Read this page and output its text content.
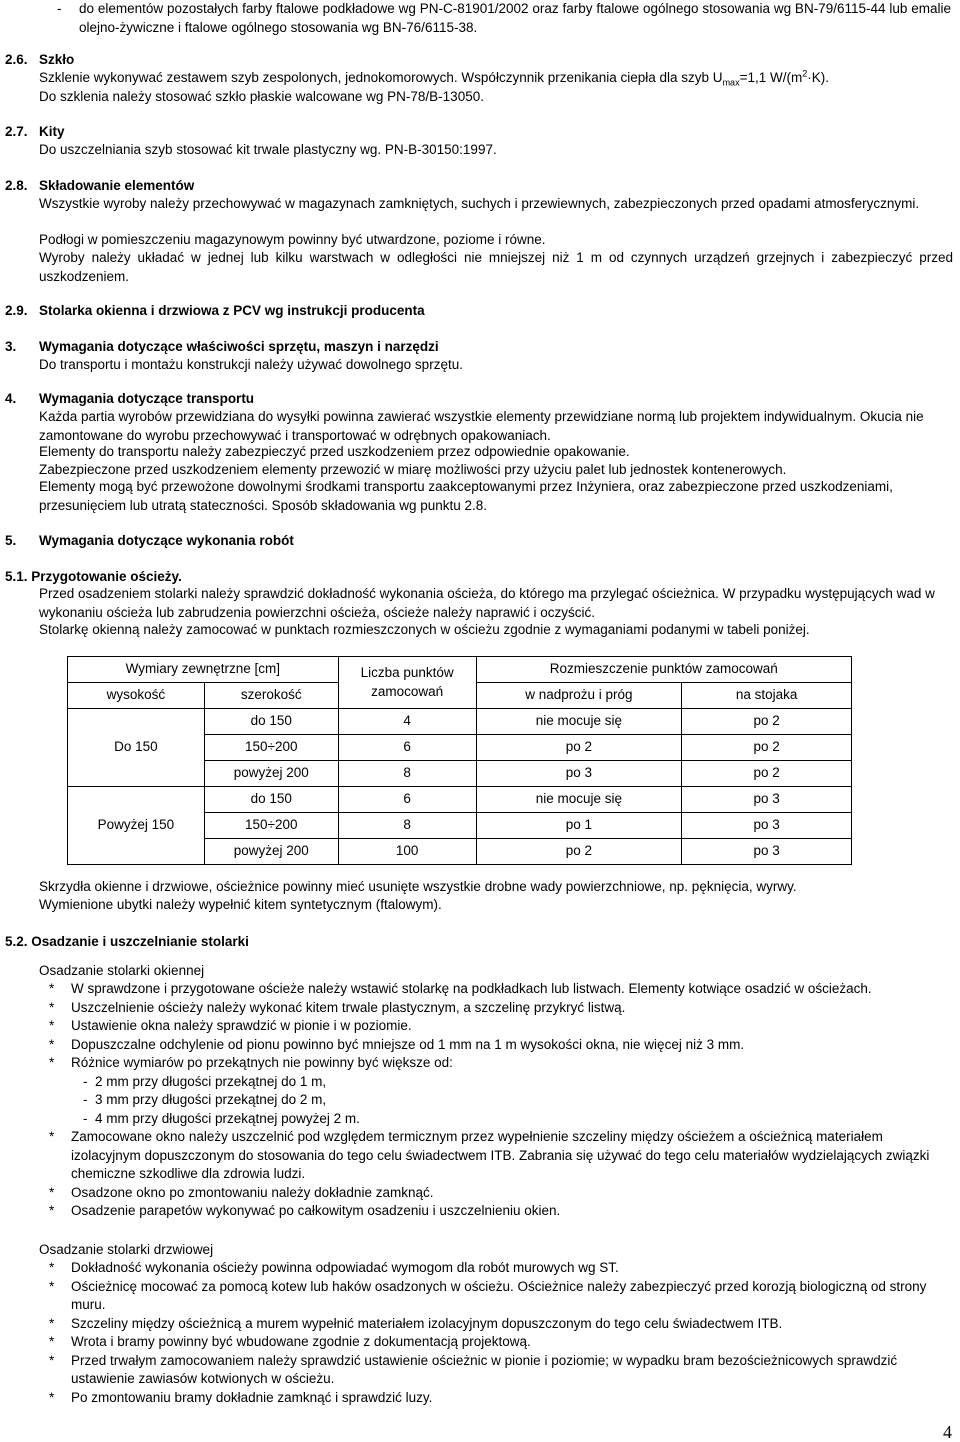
- do elementów pozostałych farby ftalowe podkładowe wg PN-C-81901/2002 oraz farby ftalowe ogólnego stosowania wg BN-79/6115-44 lub emalie olejno-żywiczne i ftalowe ogólnego stosowania wg BN-76/6115-38.
2.6. Szkło
Szklenie wykonywać zestawem szyb zespolonych, jednokomorowych. Współczynnik przenikania ciepła dla szyb $U_{max}=1,1$ $W/(m^2\cdot K)$.
Do szklenia należy stosować szkło płaskie walcowane wg PN-78/B-13050.
2.7. Kity
Do uszczelniania szyb stosować kit trwale plastyczny wg. PN-B-30150:1997.
2.8. Składowanie elementów
Wszystkie wyroby należy przechowywać w magazynach zamkniętych, suchych i przewiewnych, zabezpieczonych przed opadami atmosferycznymi.
Podłogi w pomieszczeniu magazynowym powinny być utwardzone, poziome i równe.
Wyroby należy układać w jednej lub kilku warstwach w odległości nie mniejszej niż 1 m od czynnych urządzeń grzejnych i zabezpieczyć przed uszkodzeniem.
2.9. Stolarka okienna i drzwiowa z PCV wg instrukcji producenta
3. Wymagania dotyczące właściwości sprzętu, maszyn i narzędzi
Do transportu i montażu konstrukcji należy używać dowolnego sprzętu.
4. Wymagania dotyczące transportu
Każda partia wyrobów przewidziana do wysyłki powinna zawierać wszystkie elementy przewidziane normą lub projektem indywidualnym. Okucia nie zamontowane do wyrobu przechowywać i transportować w odrębnych opakowaniach.
Elementy do transportu należy zabezpieczyć przed uszkodzeniem przez odpowiednie opakowanie.
Zabezpieczone przed uszkodzeniem elementy przewozić w miarę możliwości przy użyciu palet lub jednostek kontenerowych.
Elementy mogą być przewożone dowolnymi środkami transportu zaakceptowanymi przez Inżyniera, oraz zabezpieczone przed uszkodzeniami, przesunięciem lub utratą stateczności. Sposób składowania wg punktu 2.8.
5. Wymagania dotyczące wykonania robót
5.1. Przygotowanie ościeży.
Przed osadzeniem stolarki należy sprawdzić dokładność wykonania ościeża, do którego ma przylegać ościeżnica. W przypadku występujących wad w wykonaniu ościeża lub zabrudzenia powierzchni ościeża, ościeże należy naprawić i oczyścić.
Stolarkę okienną należy zamocować w punktach rozmieszczonych w ościeżu zgodnie z wymaganiami podanymi w tabeli poniżej.
Wymiary zewnętrzne [cm]		Liczba punktów zamocowań	Rozmieszczenie punktów zamocowań	
wysokość	szerokość		w nadprożu i próg	na stojaka
Do 150	do 150	4	nie mocuje się	po 2
	150÷200	6	po 2	po 2
	powyżej 200	8	po 3	po 2
Powyżej 150	do 150	6	nie mocuje się	po 3
	150÷200	8	po 1	po 3
	powyżej 200	100	po 2	po 3
Skrzydła okienne i drzwiowe, ościeżnice powinny mieć usunięte wszystkie drobne wady powierzchniowe, np. pęknięcia, wyrwy.
Wymienione ubytki należy wypełnić kitem syntetycznym (ftalowym).
5.2. Osadzanie i uszczelnianie stolarki
Osadzanie stolarki okiennej
* W sprawdzone i przygotowane ościeże należy wstawić stolarkę na podkładkach lub listwach. Elementy kotwiące osadzić w ościeżach.
* Uszczelnienie ościeży należy wykonać kitem trwale plastycznym, a szczelinę przykryć listwą.
* Ustawienie okna należy sprawdzić w pionie i w poziomie.
* Dopuszczalne odchylenie od pionu powinno być mniejsze od 1 mm na 1 m wysokości okna, nie więcej niż 3 mm.
* Różnice wymiarów po przekątnych nie powinny być większe od:
- 2 mm przy długości przekątnej do 1 m,
- 3 mm przy długości przekątnej do 2 m,
- 4 mm przy długości przekątnej powyżej 2 m.
* Zamocowane okno należy uszczelnić pod względem termicznym przez wypełnienie szczeliny między ościeżem a ościeżnicą materiałem izolacyjnym dopuszczonym do stosowania do tego celu świadectwem ITB. Zabrania się używać do tego celu materiałów wydzielających związki chemiczne szkodliwe dla zdrowia ludzi.
* Osadzone okno po zmontowaniu należy dokładnie zamknąć.
* Osadzenie parapetów wykonywać po całkowitym osadzeniu i uszczelnieniu okien.
Osadzanie stolarki drzwiowej
* Dokładność wykonania ościeży powinna odpowiadać wymogom dla robót murowych wg ST.
* Ościeżnicę mocować za pomocą kotew lub haków osadzonych w ościeżu. Ościeżnice należy zabezpieczyć przed korozją biologiczną od strony muru.
* Szczeliny między ościeżnicą a murem wypełnić materiałem izolacyjnym dopuszczonym do tego celu świadectwem ITB.
* Wrota i bramy powinny być wbudowane zgodnie z dokumentacją projektową.
* Przed trwałym zamocowaniem należy sprawdzić ustawienie ościeżnic w pionie i poziomie; w wypadku bram bezościeżnicowych sprawdzić ustawienie zawiasów kotwionych w ościeżu.
* Po zmontowaniu bramy dokładnie zamknąć i sprawdzić luzy.
4
